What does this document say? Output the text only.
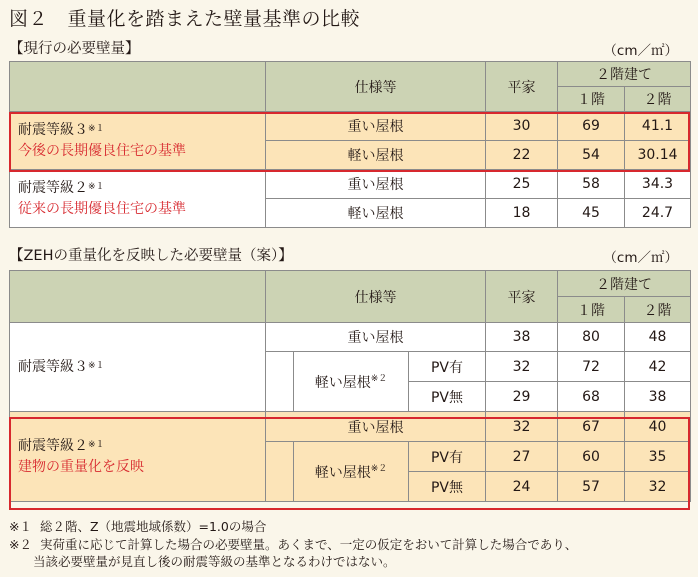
図２　重量化を踏まえた壁量基準の比較
【現行の必要壁量】	（cm／㎡）
	仕様等	平家	２階建て	
			１階	２階
耐震等級３$^{※1}$
今後の長期優良住宅の基準	重い屋根	30	69	41.1
	軽い屋根	22	54	30.14
耐震等級２$^{※1}$
従来の長期優良住宅の基準	重い屋根	25	58	34.3
	軽い屋根	18	45	24.7
【ZEHの重量化を反映した必要壁量（案）】	（cm／㎡）
	仕様等			平家	２階建て	
					１階	２階
耐震等級３$^{※1}$	重い屋根			38	80	48
		軽い屋根$^{※2}$	PV有	32	72	42
			PV無	29	68	38
耐震等級２$^{※1}$
建物の重量化を反映	重い屋根			32	67	40
		軽い屋根$^{※2}$	PV有	27	60	35
			PV無	24	57	32
※１ 総２階、Z（地震地域係数）=1.0の場合
※２ 実荷重に応じて計算した場合の必要壁量。あくまで、一定の仮定をおいて計算した場合であり、
当該必要壁量が見直し後の耐震等級の基準となるわけではない。
